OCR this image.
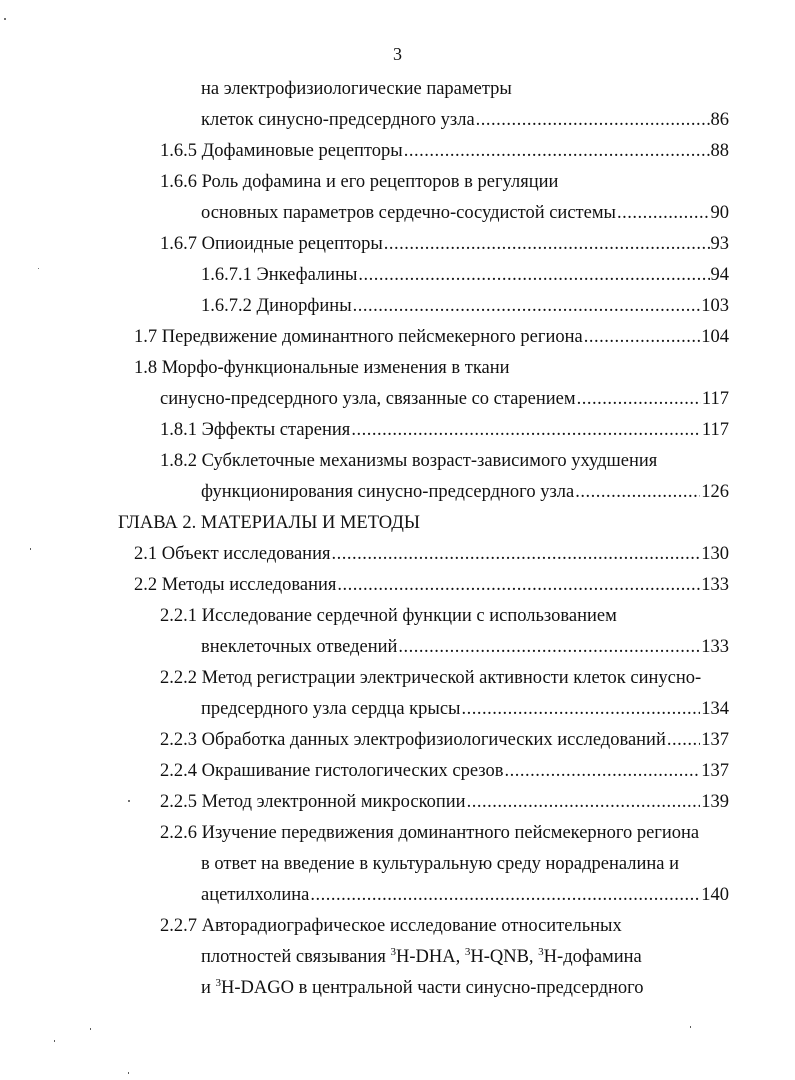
3
на электрофизиологические параметры
клеток синусно-предсердного узла .....	86
1.6.5 Дофаминовые рецепторы .....	88
1.6.6 Роль дофамина и его рецепторов в регуляции
основных параметров сердечно-сосудистой системы .....	90
1.6.7 Опиоидные рецепторы .....	93
1.6.7.1 Энкефалины .....	94
1.6.7.2 Динорфины .....	103
1.7 Передвижение доминантного пейсмекерного региона .....	104
1.8 Морфо-функциональные изменения в ткани
синусно-предсердного узла, связанные со старением .....	117
1.8.1 Эффекты старения .....	117
1.8.2 Субклеточные механизмы возраст-зависимого ухудшения
функционирования синусно-предсердного узла .....	126
ГЛАВА 2. МАТЕРИАЛЫ И МЕТОДЫ
2.1 Объект исследования .....	130
2.2 Методы исследования .....	133
2.2.1 Исследование сердечной функции с использованием
внеклеточных отведений .....	133
2.2.2 Метод регистрации электрической активности клеток синусно-
предсердного узла сердца крысы .....	134
2.2.3 Обработка данных электрофизиологических исследований ..... 137
2.2.4 Окрашивание гистологических срезов .....	137
2.2.5 Метод электронной микроскопии .....	139
2.2.6 Изучение передвижения доминантного пейсмекерного региона
в ответ на введение в культуральную среду норадреналина и
ацетилхолина .....	140
2.2.7 Авторадиографическое исследование относительных
плотностей связывания $^3$H-DHA, $^3$H-QNB, $^3$H-дофамина
и $^3$H-DAGO в центральной части синусно-предсердного
